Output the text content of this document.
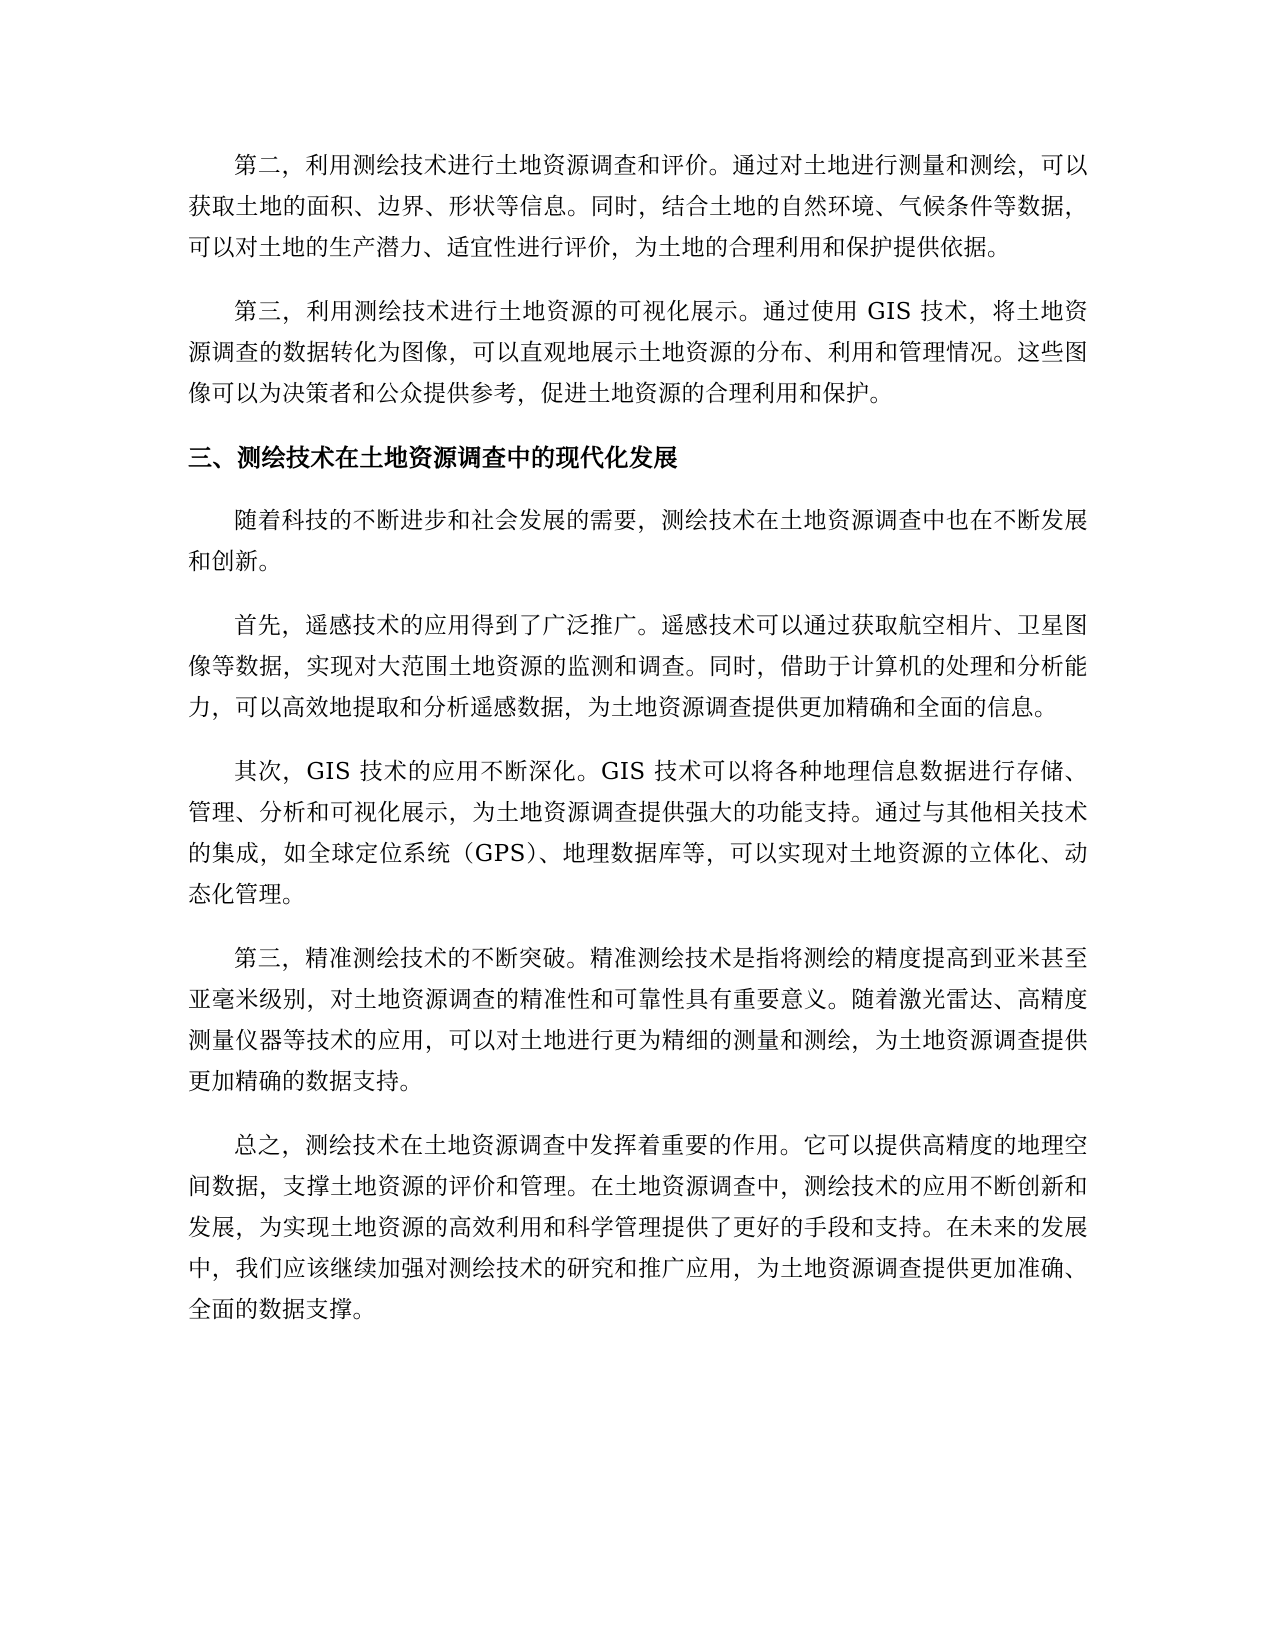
第二，利用测绘技术进行土地资源调查和评价。通过对土地进行测量和测绘，可以获取土地的面积、边界、形状等信息。同时，结合土地的自然环境、气候条件等数据，可以对土地的生产潜力、适宜性进行评价，为土地的合理利用和保护提供依据。

第三，利用测绘技术进行土地资源的可视化展示。通过使用 GIS 技术，将土地资源调查的数据转化为图像，可以直观地展示土地资源的分布、利用和管理情况。这些图像可以为决策者和公众提供参考，促进土地资源的合理利用和保护。

三、测绘技术在土地资源调查中的现代化发展

随着科技的不断进步和社会发展的需要，测绘技术在土地资源调查中也在不断发展和创新。

首先，遥感技术的应用得到了广泛推广。遥感技术可以通过获取航空相片、卫星图像等数据，实现对大范围土地资源的监测和调查。同时，借助于计算机的处理和分析能力，可以高效地提取和分析遥感数据，为土地资源调查提供更加精确和全面的信息。

其次，GIS 技术的应用不断深化。GIS 技术可以将各种地理信息数据进行存储、管理、分析和可视化展示，为土地资源调查提供强大的功能支持。通过与其他相关技术的集成，如全球定位系统（GPS）、地理数据库等，可以实现对土地资源的立体化、动态化管理。

第三，精准测绘技术的不断突破。精准测绘技术是指将测绘的精度提高到亚米甚至亚毫米级别，对土地资源调查的精准性和可靠性具有重要意义。随着激光雷达、高精度测量仪器等技术的应用，可以对土地进行更为精细的测量和测绘，为土地资源调查提供更加精确的数据支持。

总之，测绘技术在土地资源调查中发挥着重要的作用。它可以提供高精度的地理空间数据，支撑土地资源的评价和管理。在土地资源调查中，测绘技术的应用不断创新和发展，为实现土地资源的高效利用和科学管理提供了更好的手段和支持。在未来的发展中，我们应该继续加强对测绘技术的研究和推广应用，为土地资源调查提供更加准确、全面的数据支撑。
